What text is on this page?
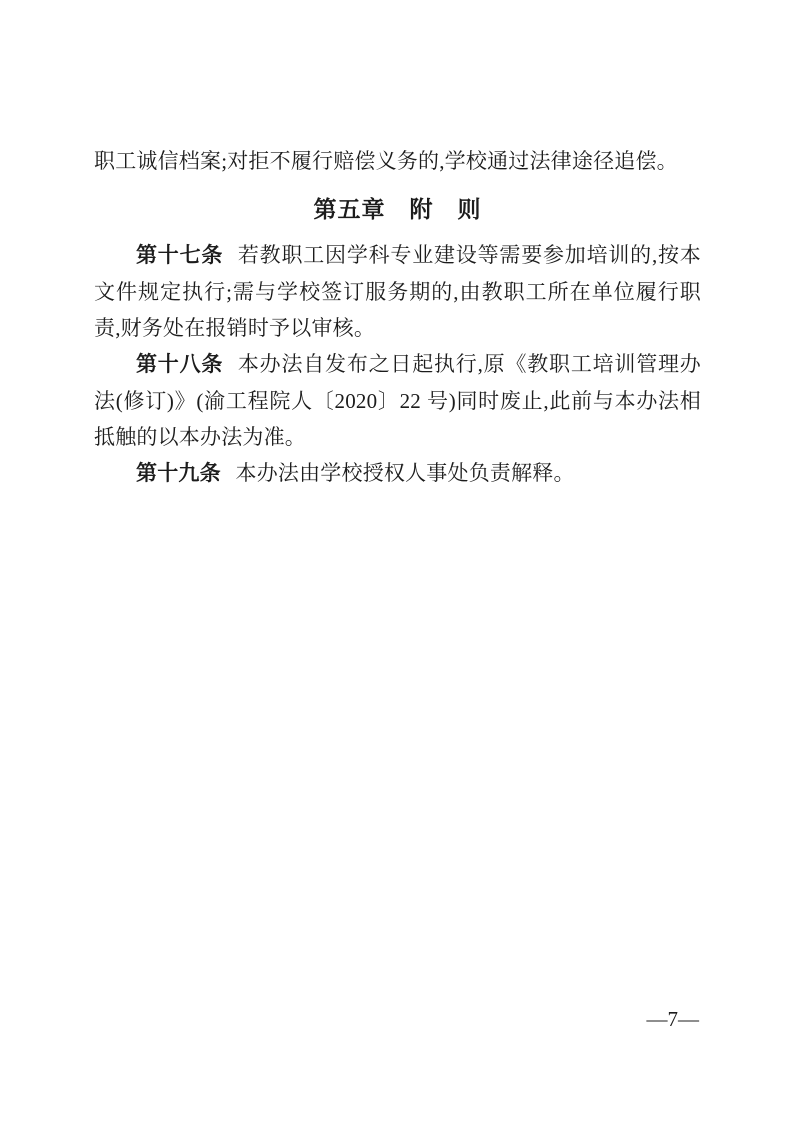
职工诚信档案;对拒不履行赔偿义务的,学校通过法律途径追偿。

第五章　附　则

第十七条 若教职工因学科专业建设等需要参加培训的,按本文件规定执行;需与学校签订服务期的,由教职工所在单位履行职责,财务处在报销时予以审核。

第十八条 本办法自发布之日起执行,原《教职工培训管理办法(修订)》(渝工程院人〔2020〕22 号)同时废止,此前与本办法相抵触的以本办法为准。

第十九条 本办法由学校授权人事处负责解释。

—7—
